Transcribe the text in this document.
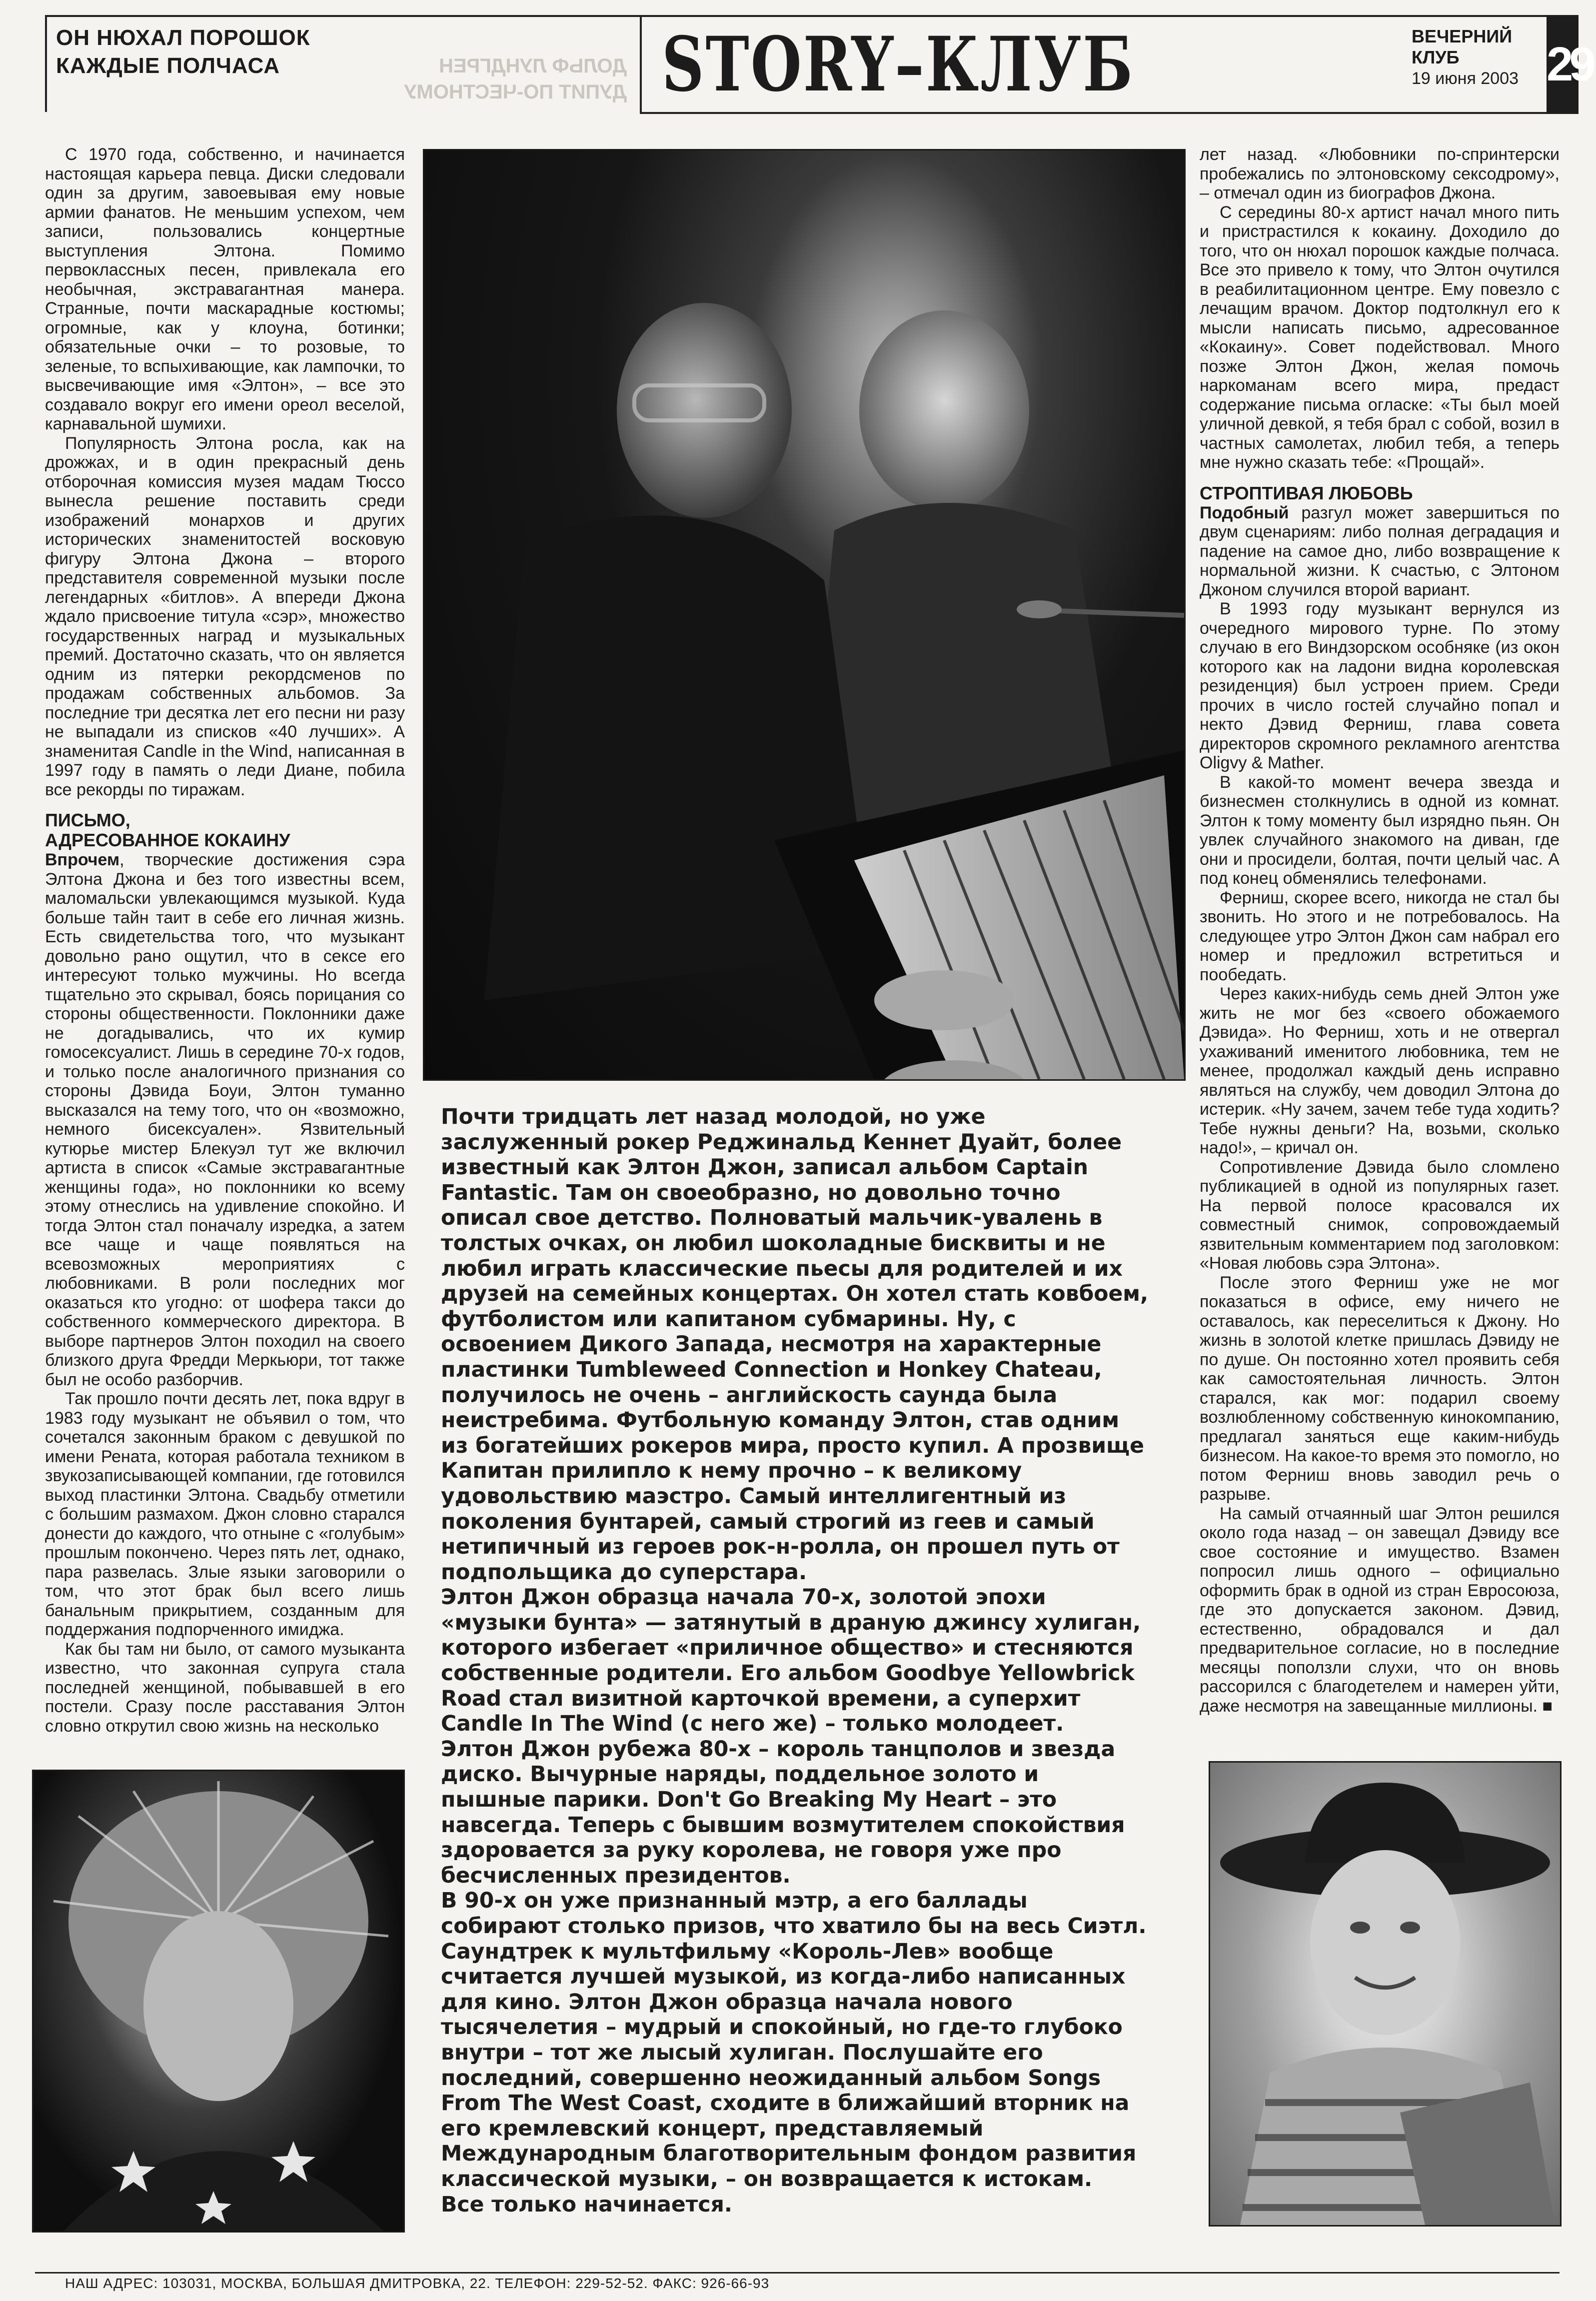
ОН НЮХАЛ ПОРОШОК
КАЖДЫЕ ПОЛЧАСА	ДОЛЬФ ЛУНДГРЕН
ДУПИТ ПО-ЧЕСТНОМУ STORY–КЛУБ	ВЕЧЕРНИЙ КЛУБ
19 июня 2003 29

С 1970 года, собственно, и начинается настоящая карьера певца. Диски следовали один за другим, завоевывая ему новые армии фанатов. Не меньшим успехом, чем записи, пользовались концертные выступления Элтона. Помимо первоклассных песен, привлекала его необычная, экстравагантная манера. Странные, почти маскарадные костюмы; огромные, как у клоуна, ботинки; обязательные очки – то розовые, то зеленые, то вспыхивающие, как лампочки, то высвечивающие имя «Элтон», – все это создавало вокруг его имени ореол веселой, карнавальной шумихи.

Популярность Элтона росла, как на дрожжах, и в один прекрасный день отборочная комиссия музея мадам Тюссо вынесла решение поставить среди изображений монархов и других исторических знаменитостей восковую фигуру Элтона Джона – второго представителя современной музыки после легендарных «битлов». А впереди Джона ждало присвоение титула «сэр», множество государственных наград и музыкальных премий. Достаточно сказать, что он является одним из пятерки рекордсменов по продажам собственных альбомов. За последние три десятка лет его песни ни разу не выпадали из списков «40 лучших». А знаменитая Candle in the Wind, написанная в 1997 году в память о леди Диане, побила все рекорды по тиражам.

ПИСЬМО,
АДРЕСОВАННОЕ КОКАИНУ

Впрочем, творческие достижения сэра Элтона Джона и без того известны всем, маломальски увлекающимся музыкой. Куда больше тайн таит в себе его личная жизнь. Есть свидетельства того, что музыкант довольно рано ощутил, что в сексе его интересуют только мужчины. Но всегда тщательно это скрывал, боясь порицания со стороны общественности. Поклонники даже не догадывались, что их кумир гомосексуалист. Лишь в середине 70-х годов, и только после аналогичного признания со стороны Дэвида Боуи, Элтон туманно высказался на тему того, что он «возможно, немного бисексуален». Язвительный кутюрье мистер Блекуэл тут же включил артиста в список «Самые экстравагантные женщины года», но поклонники ко всему этому отнеслись на удивление спокойно. И тогда Элтон стал поначалу изредка, а затем все чаще и чаще появляться на всевозможных мероприятиях с любовниками. В роли последних мог оказаться кто угодно: от шофера такси до собственного коммерческого директора. В выборе партнеров Элтон походил на своего близкого друга Фредди Меркьюри, тот также был не особо разборчив.

Так прошло почти десять лет, пока вдруг в 1983 году музыкант не объявил о том, что сочетался законным браком с девушкой по имени Рената, которая работала техником в звукозаписывающей компании, где готовился выход пластинки Элтона. Свадьбу отметили с большим размахом. Джон словно старался донести до каждого, что отныне с «голубым» прошлым покончено. Через пять лет, однако, пара развелась. Злые языки заговорили о том, что этот брак был всего лишь банальным прикрытием, созданным для поддержания подпорченного имиджа.

Как бы там ни было, от самого музыканта известно, что законная супруга стала последней женщиной, побывавшей в его постели. Сразу после расставания Элтон словно открутил свою жизнь на несколько

Почти тридцать лет назад молодой, но уже заслуженный рокер Реджинальд Кеннет Дуайт, более известный как Элтон Джон, записал альбом Captain Fantastic. Там он своеобразно, но довольно точно описал свое детство. Полноватый мальчик-увалень в толстых очках, он любил шоколадные бисквиты и не любил играть классические пьесы для родителей и их друзей на семейных концертах. Он хотел стать ковбоем, футболистом или капитаном субмарины. Ну, с освоением Дикого Запада, несмотря на характерные пластинки Tumbleweed Connection и Honkey Chateau, получилось не очень – английскость саунда была неистребима. Футбольную команду Элтон, став одним из богатейших рокеров мира, просто купил. А прозвище Капитан прилипло к нему прочно – к великому удовольствию маэстро. Самый интеллигентный из поколения бунтарей, самый строгий из геев и самый нетипичный из героев рок-н-ролла, он прошел путь от подпольщика до суперстара.

Элтон Джон образца начала 70-х, золотой эпохи «музыки бунта» — затянутый в драную джинсу хулиган, которого избегает «приличное общество» и стесняются собственные родители. Его альбом Goodbye Yellowbrick Road стал визитной карточкой времени, а суперхит Candle In The Wind (с него же) – только молодеет.

Элтон Джон рубежа 80-х – король танцполов и звезда диско. Вычурные наряды, поддельное золото и пышные парики. Don't Go Breaking My Heart – это навсегда. Теперь с бывшим возмутителем спокойствия здоровается за руку королева, не говоря уже про бесчисленных президентов.

В 90-х он уже признанный мэтр, а его баллады собирают столько призов, что хватило бы на весь Сиэтл. Саундтрек к мультфильму «Король-Лев» вообще считается лучшей музыкой, из когда-либо написанных для кино. Элтон Джон образца начала нового тысячелетия – мудрый и спокойный, но где-то глубоко внутри – тот же лысый хулиган. Послушайте его последний, совершенно неожиданный альбом Songs From The West Coast, сходите в ближайший вторник на его кремлевский концерт, представляемый Международным благотворительным фондом развития классической музыки, – он возвращается к истокам.

Все только начинается.

лет назад. «Любовники по-спринтерски пробежались по элтоновскому сексодрому», – отмечал один из биографов Джона.

С середины 80-х артист начал много пить и пристрастился к кокаину. Доходило до того, что он нюхал порошок каждые полчаса. Все это привело к тому, что Элтон очутился в реабилитационном центре. Ему повезло с лечащим врачом. Доктор подтолкнул его к мысли написать письмо, адресованное «Кокаину». Совет подействовал. Много позже Элтон Джон, желая помочь наркоманам всего мира, предаст содержание письма огласке: «Ты был моей уличной девкой, я тебя брал с собой, возил в частных самолетах, любил тебя, а теперь мне нужно сказать тебе: «Прощай».

СТРОПТИВАЯ ЛЮБОВЬ

Подобный разгул может завершиться по двум сценариям: либо полная деградация и падение на самое дно, либо возвращение к нормальной жизни. К счастью, с Элтоном Джоном случился второй вариант.

В 1993 году музыкант вернулся из очередного мирового турне. По этому случаю в его Виндзорском особняке (из окон которого как на ладони видна королевская резиденция) был устроен прием. Среди прочих в число гостей случайно попал и некто Дэвид Ферниш, глава совета директоров скромного рекламного агентства Oligvy & Mather.

В какой-то момент вечера звезда и бизнесмен столкнулись в одной из комнат. Элтон к тому моменту был изрядно пьян. Он увлек случайного знакомого на диван, где они и просидели, болтая, почти целый час. А под конец обменялись телефонами.

Ферниш, скорее всего, никогда не стал бы звонить. Но этого и не потребовалось. На следующее утро Элтон Джон сам набрал его номер и предложил встретиться и пообедать.

Через каких-нибудь семь дней Элтон уже жить не мог без «своего обожаемого Дэвида». Но Ферниш, хоть и не отвергал ухаживаний именитого любовника, тем не менее, продолжал каждый день исправно являться на службу, чем доводил Элтона до истерик. «Ну зачем, зачем тебе туда ходить? Тебе нужны деньги? На, возьми, сколько надо!», – кричал он.

Сопротивление Дэвида было сломлено публикацией в одной из популярных газет. На первой полосе красовался их совместный снимок, сопровождаемый язвительным комментарием под заголовком: «Новая любовь сэра Элтона».

После этого Ферниш уже не мог показаться в офисе, ему ничего не оставалось, как переселиться к Джону. Но жизнь в золотой клетке пришлась Дэвиду не по душе. Он постоянно хотел проявить себя как самостоятельная личность. Элтон старался, как мог: подарил своему возлюбленному собственную кинокомпанию, предлагал заняться еще каким-нибудь бизнесом. На какое-то время это помогло, но потом Ферниш вновь заводил речь о разрыве.

На самый отчаянный шаг Элтон решился около года назад – он завещал Дэвиду все свое состояние и имущество. Взамен попросил лишь одного – официально оформить брак в одной из стран Евросоюза, где это допускается законом. Дэвид, естественно, обрадовался и дал предварительное согласие, но в последние месяцы поползли слухи, что он вновь рассорился с благодетелем и намерен уйти, даже несмотря на завещанные миллионы. ■

НАШ АДРЕС: 103031, МОСКВА, БОЛЬШАЯ ДМИТРОВКА, 22. ТЕЛЕФОН: 229-52-52. ФАКС: 926-66-93
